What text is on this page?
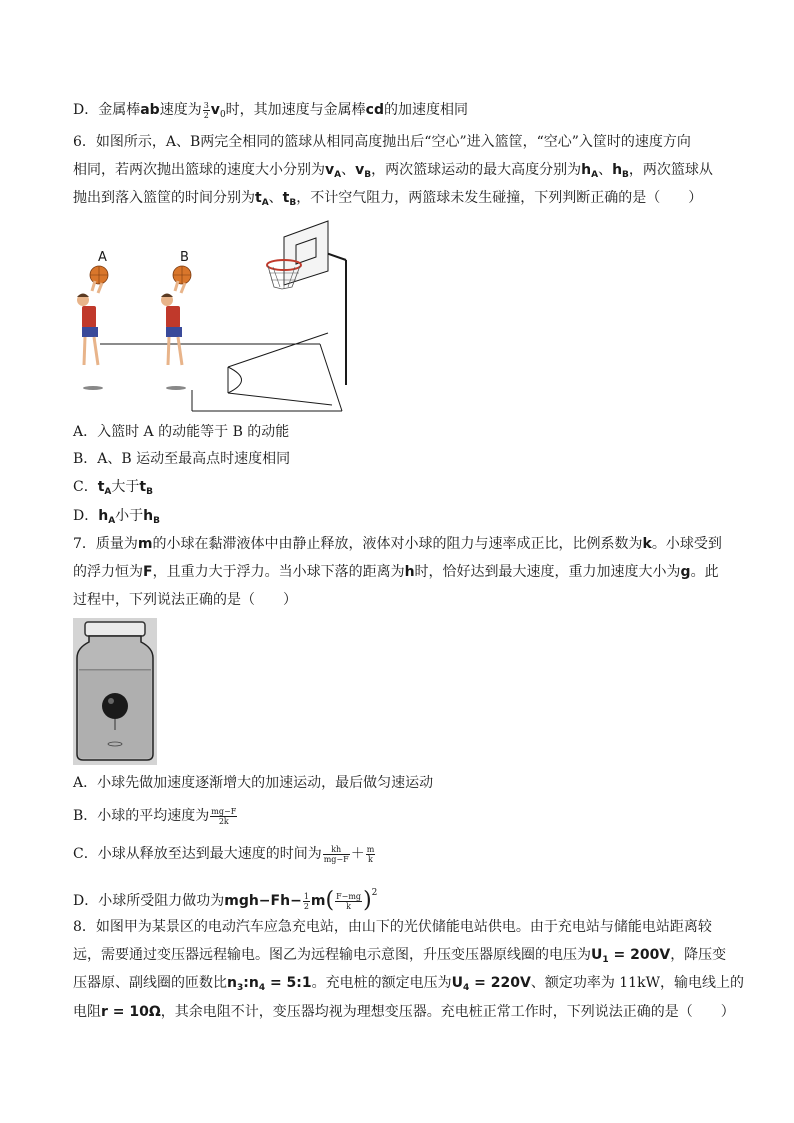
D．金属棒ab速度为 $\frac{3}{2} v_0$时，其加速度与金属棒cd的加速度相同
6．如图所示，A、B两完全相同的篮球从相同高度抛出后“空心”进入篮筐，“空心”入筐时的速度方向
相同，若两次抛出篮球的速度大小分别为$v_A$、$v_B$，两次篮球运动的最大高度分别为$h_A$、$h_B$，两次篮球从
抛出到落入篮筐的时间分别为$t_A$、$t_B$，不计空气阻力，两篮球未发生碰撞，下列判断正确的是（　　）
A	B
A．入篮时 A 的动能等于 B 的动能
B．A、B 运动至最高点时速度相同
C．$t_A$大于$t_B$
D．$h_A$小于$h_B$
7．质量为m的小球在黏滞液体中由静止释放，液体对小球的阻力与速率成正比，比例系数为k。小球受到
的浮力恒为F，且重力大于浮力。当小球下落的距离为h时，恰好达到最大速度，重力加速度大小为g。此
过程中，下列说法正确的是（　　）
A．小球先做加速度逐渐增大的加速运动，最后做匀速运动
B．小球的平均速度为 $\frac{mg-F}{2k}$
C．小球从释放至达到最大速度的时间为 $\frac{kh}{mg-F} + \frac{m}{k}$
D．小球所受阻力做功为$mgh-Fh- \frac{1}{2} m( \frac{F-mg}{k} )^2$
8．如图甲为某景区的电动汽车应急充电站，由山下的光伏储能电站供电。由于充电站与储能电站距离较
远，需要通过变压器远程输电。图乙为远程输电示意图，升压变压器原线圈的电压为$U_1 = 200V$，降压变
压器原、副线圈的匝数比$n_3:n_4$ = 5:1。充电桩的额定电压为$U_4 = 220V$、额定功率为 11kW，输电线上的
电阻r = 10Ω，其余电阻不计，变压器均视为理想变压器。充电桩正常工作时，下列说法正确的是（　　）
